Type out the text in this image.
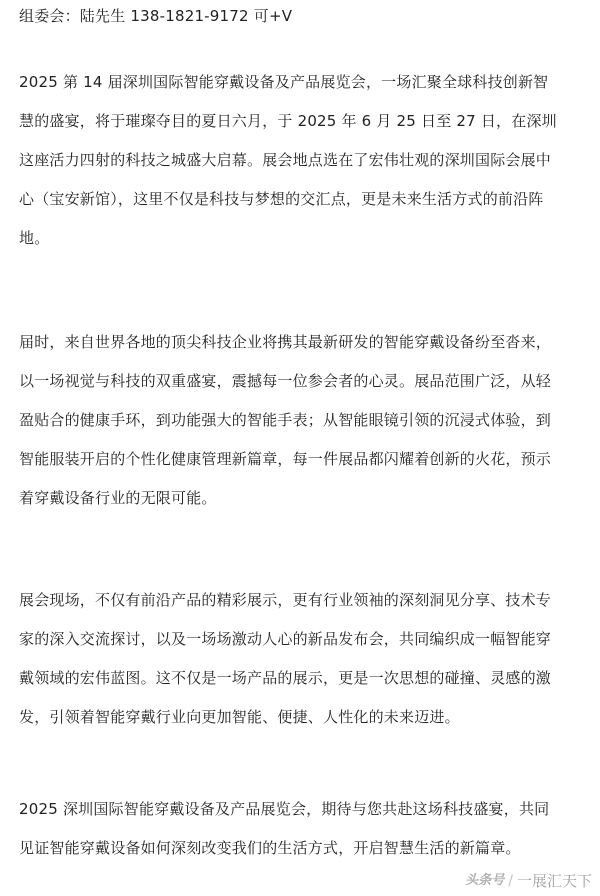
组委会：陆先生 138-1821-9172 可+V
2025 第 14 届深圳国际智能穿戴设备及产品展览会，一场汇聚全球科技创新智
慧的盛宴，将于璀璨夺目的夏日六月，于 2025 年 6 月 25 日至 27 日，在深圳
这座活力四射的科技之城盛大启幕。展会地点选在了宏伟壮观的深圳国际会展中
心（宝安新馆），这里不仅是科技与梦想的交汇点，更是未来生活方式的前沿阵
地。
届时，来自世界各地的顶尖科技企业将携其最新研发的智能穿戴设备纷至沓来，
以一场视觉与科技的双重盛宴，震撼每一位参会者的心灵。展品范围广泛，从轻
盈贴合的健康手环，到功能强大的智能手表；从智能眼镜引领的沉浸式体验，到
智能服装开启的个性化健康管理新篇章，每一件展品都闪耀着创新的火花，预示
着穿戴设备行业的无限可能。
展会现场，不仅有前沿产品的精彩展示，更有行业领袖的深刻洞见分享、技术专
家的深入交流探讨，以及一场场激动人心的新品发布会，共同编织成一幅智能穿
戴领域的宏伟蓝图。这不仅是一场产品的展示，更是一次思想的碰撞、灵感的激
发，引领着智能穿戴行业向更加智能、便捷、人性化的未来迈进。
2025 深圳国际智能穿戴设备及产品展览会，期待与您共赴这场科技盛宴，共同
见证智能穿戴设备如何深刻改变我们的生活方式，开启智慧生活的新篇章。
头条号 / 一展汇天下
